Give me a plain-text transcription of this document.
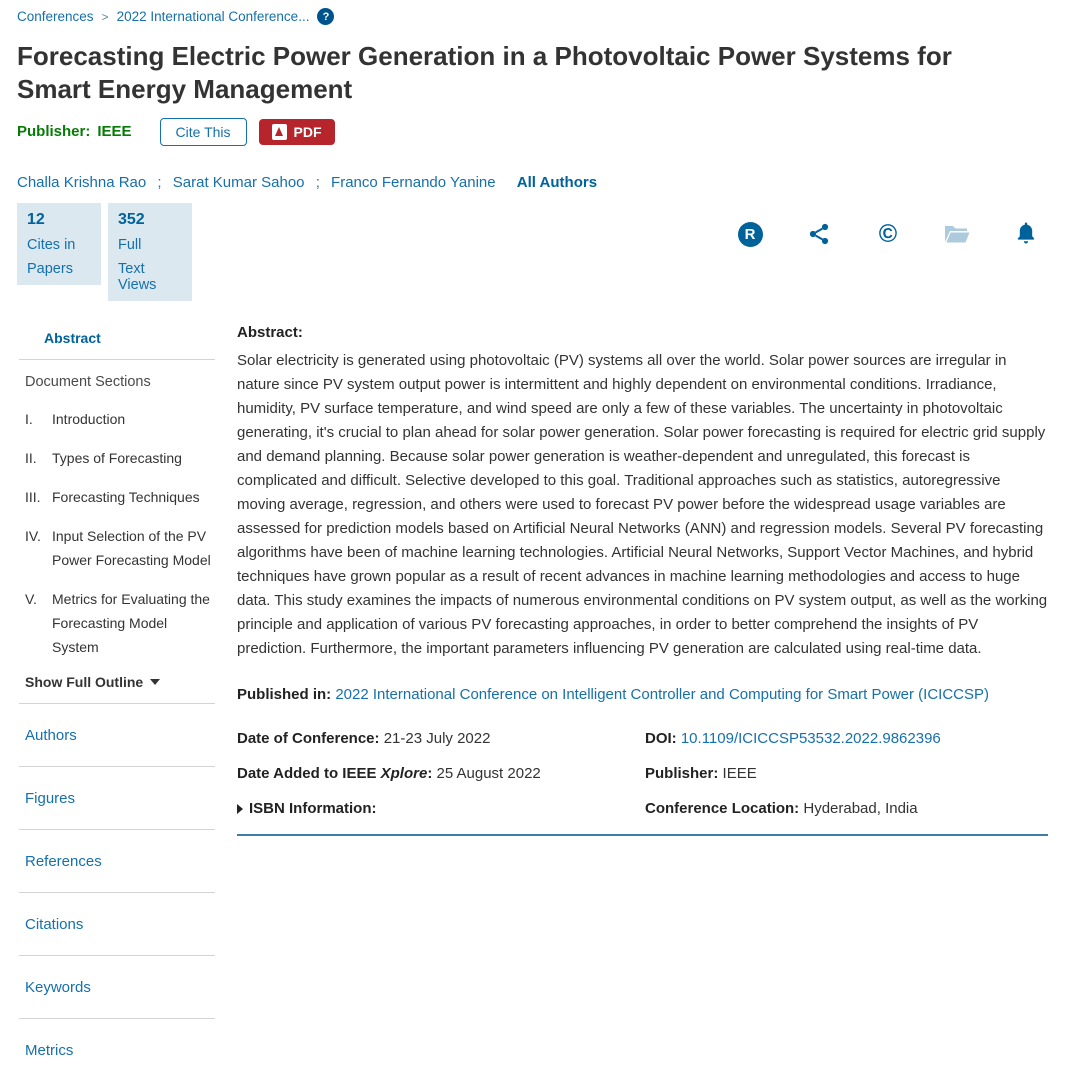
Conferences > 2022 International Conference...	?
Forecasting Electric Power Generation in a Photovoltaic Power Systems for Smart Energy Management
Publisher: IEEE	Cite This	PDF
Challa Krishna Rao ; Sarat Kumar Sahoo ; Franco Fernando Yanine All Authors
12
Cites in
Papers
352
Full
Text Views
R	©
Abstract
Document Sections
I.	Introduction
II.	Types of Forecasting
III. Forecasting Techniques
IV. Input Selection of the PV Power Forecasting Model
V.	Metrics for Evaluating the Forecasting Model System
Show Full Outline
Authors
Figures
References
Citations
Keywords
Metrics
Abstract:

Solar electricity is generated using photovoltaic (PV) systems all over the world. Solar power sources are irregular in nature since PV system output power is intermittent and highly dependent on environmental conditions. Irradiance, humidity, PV surface temperature, and wind speed are only a few of these variables. The uncertainty in photovoltaic generating, it's crucial to plan ahead for solar power generation. Solar power forecasting is required for electric grid supply and demand planning. Because solar power generation is weather-dependent and unregulated, this forecast is complicated and difficult. Selective developed to this goal. Traditional approaches such as statistics, autoregressive moving average, regression, and others were used to forecast PV power before the widespread usage variables are assessed for prediction models based on Artificial Neural Networks (ANN) and regression models. Several PV forecasting algorithms have been of machine learning technologies. Artificial Neural Networks, Support Vector Machines, and hybrid techniques have grown popular as a result of recent advances in machine learning methodologies and access to huge data. This study examines the impacts of numerous environmental conditions on PV system output, as well as the working principle and application of various PV forecasting approaches, in order to better comprehend the insights of PV prediction. Furthermore, the important parameters influencing PV generation are calculated using real-time data.

Published in: 2022 International Conference on Intelligent Controller and Computing for Smart Power (ICICCSP)
Date of Conference: 21-23 July 2022	DOI: 10.1109/ICICCSP53532.2022.9862396
Date Added to IEEE Xplore: 25 August 2022	Publisher: IEEE
ISBN Information:	Conference Location: Hyderabad, India
